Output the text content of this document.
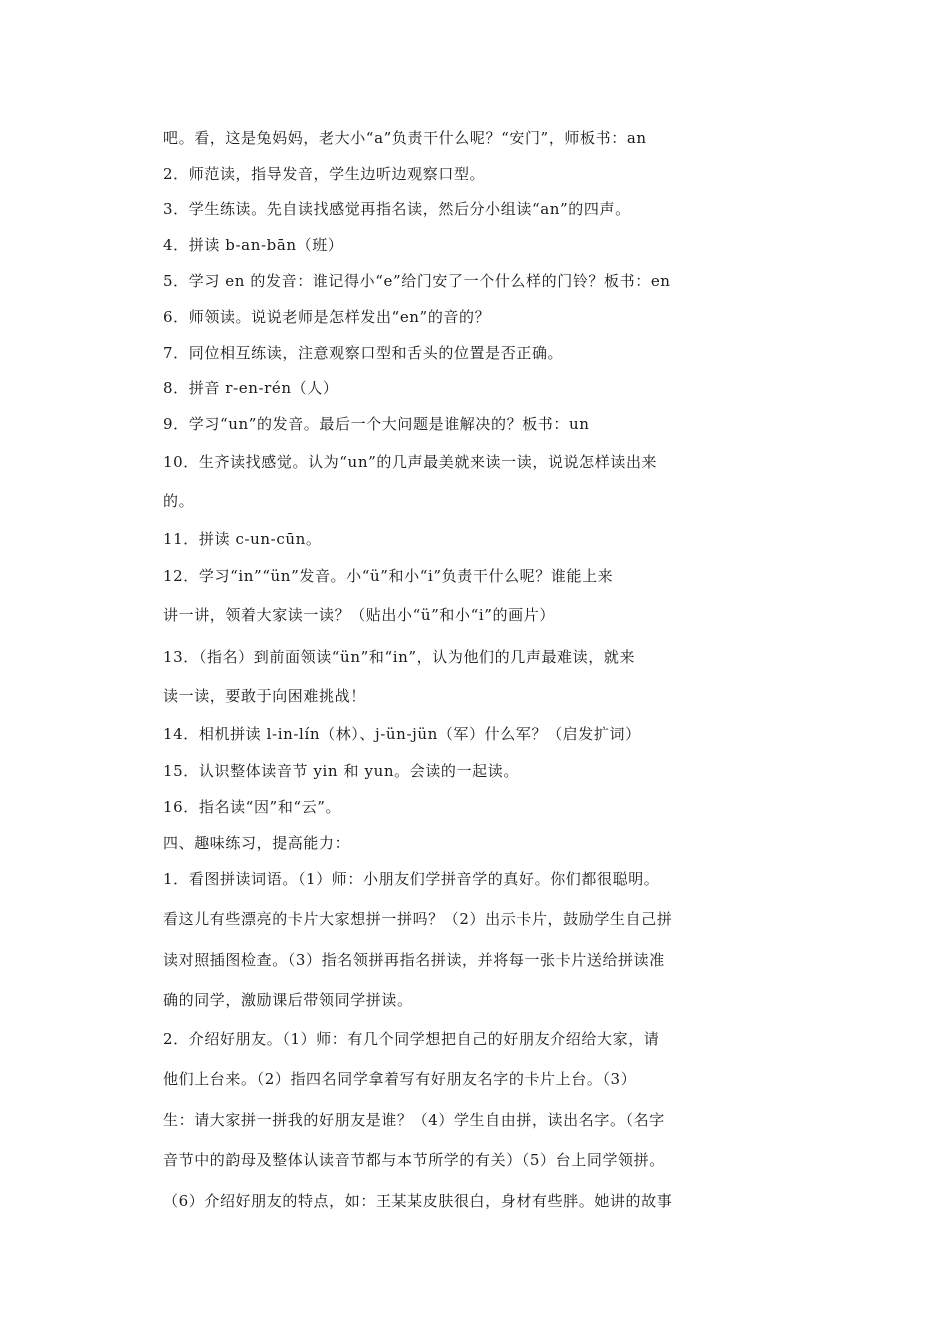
吧。看，这是兔妈妈，老大小“a”负责干什么呢？“安门”，师板书：an
2．师范读，指导发音，学生边听边观察口型。
3．学生练读。先自读找感觉再指名读，然后分小组读“an”的四声。
4．拼读 b-an-bān（班）
5．学习 en 的发音：谁记得小“e”给门安了一个什么样的门铃？板书：en
6．师领读。说说老师是怎样发出“en”的音的？
7．同位相互练读，注意观察口型和舌头的位置是否正确。
8．拼音 r-en-rén（人）
9．学习“un”的发音。最后一个大问题是谁解决的？板书：un
10．生齐读找感觉。认为“un”的几声最美就来读一读，说说怎样读出来
的。
11．拼读 c-un-cūn。
12．学习“in”“ün”发音。小“ü”和小“i”负责干什么呢？谁能上来
讲一讲，领着大家读一读？（贴出小“ü”和小“i”的画片）
13．（指名）到前面领读“ün”和“in”，认为他们的几声最难读，就来
读一读，要敢于向困难挑战！
14．相机拼读 l-in-lín（林）、j-ün-jün（军）什么军？（启发扩词）
15．认识整体读音节 yin 和 yun。会读的一起读。
16．指名读“因”和“云”。
四、趣味练习，提高能力：
1．看图拼读词语。（1）师：小朋友们学拼音学的真好。你们都很聪明。
看这儿有些漂亮的卡片大家想拼一拼吗？（2）出示卡片，鼓励学生自己拼
读对照插图检查。（3）指名领拼再指名拼读，并将每一张卡片送给拼读准
确的同学，激励课后带领同学拼读。
2．介绍好朋友。（1）师：有几个同学想把自己的好朋友介绍给大家，请
他们上台来。（2）指四名同学拿着写有好朋友名字的卡片上台。（3）
生：请大家拼一拼我的好朋友是谁？（4）学生自由拼，读出名字。（名字
音节中的韵母及整体认读音节都与本节所学的有关）（5）台上同学领拼。
（6）介绍好朋友的特点，如：王某某皮肤很白，身材有些胖。她讲的故事
